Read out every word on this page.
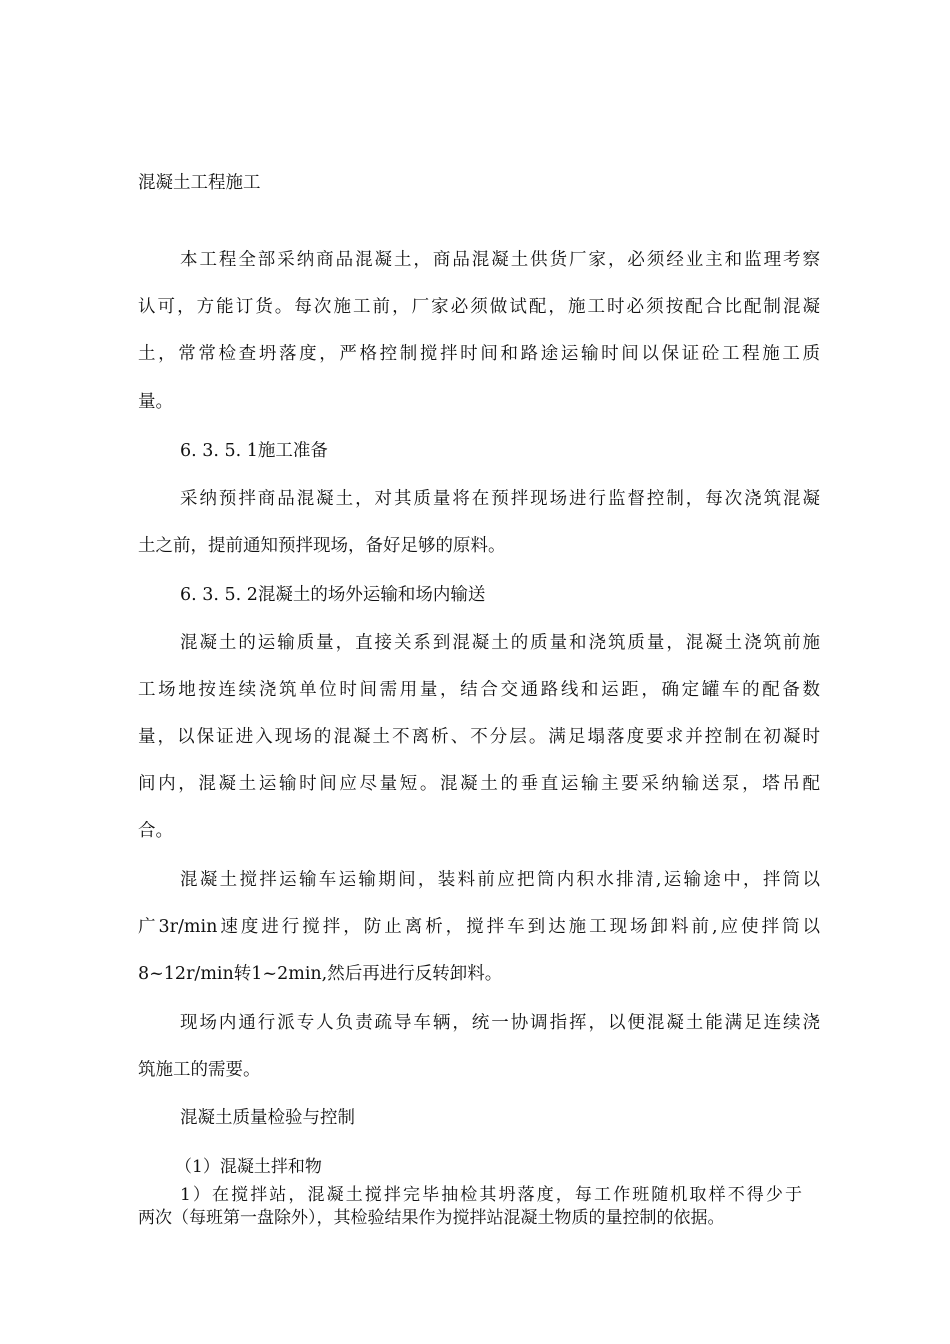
混凝土工程施工
本工程全部采纳商品混凝土，商品混凝土供货厂家，必须经业主和监理考察
认可，方能订货。每次施工前，厂家必须做试配，施工时必须按配合比配制混凝
土，常常检查坍落度，严格控制搅拌时间和路途运输时间以保证砼工程施工质
量。
6. 3. 5. 1施工准备
采纳预拌商品混凝土，对其质量将在预拌现场进行监督控制，每次浇筑混凝
土之前，提前通知预拌现场，备好足够的原料。
6. 3. 5. 2混凝土的场外运输和场内输送
混凝土的运输质量，直接关系到混凝土的质量和浇筑质量，混凝土浇筑前施
工场地按连续浇筑单位时间需用量，结合交通路线和运距，确定罐车的配备数
量，以保证进入现场的混凝土不离析、不分层。满足塌落度要求并控制在初凝时
间内，混凝土运输时间应尽量短。混凝土的垂直运输主要采纳输送泵，塔吊配
合。
混凝土搅拌运输车运输期间，装料前应把筒内积水排清,运输途中，拌筒以
广3r/min速度进行搅拌，防止离析，搅拌车到达施工现场卸料前,应使拌筒以
8~12r/min转1~2min,然后再进行反转卸料。
现场内通行派专人负责疏导车辆，统一协调指挥，以便混凝土能满足连续浇
筑施工的需要。
混凝土质量检验与控制
（1）混凝土拌和物
1）在搅拌站，混凝土搅拌完毕抽检其坍落度，每工作班随机取样不得少于
两次（每班第一盘除外），其检验结果作为搅拌站混凝土物质的量控制的依据。
